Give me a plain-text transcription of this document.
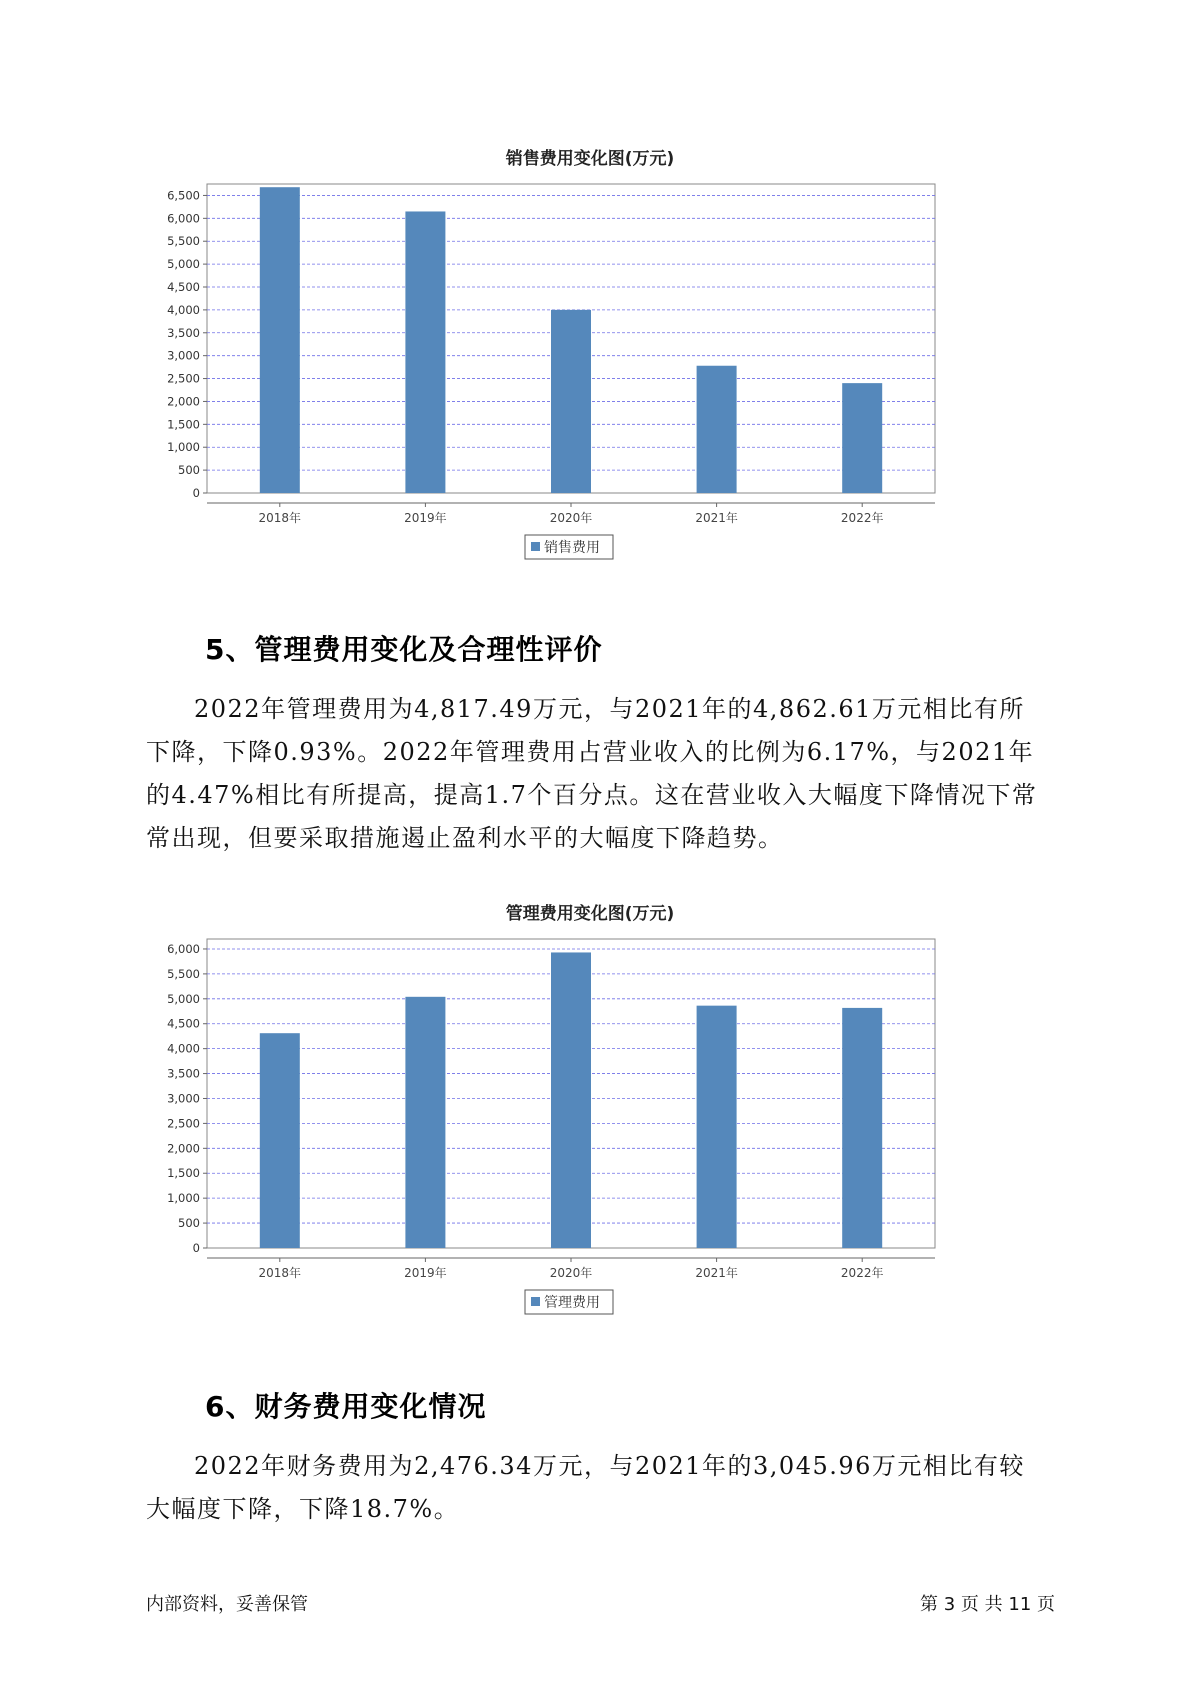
销售费用变化图(万元)
0
500
1,000
1,500
2,000
2,500
3,000
3,500
4,000
4,500
5,000
5,500
6,000
6,500
2018年	2019年	2020年	2021年	2022年
销售费用
5、管理费用变化及合理性评价

2022年管理费用为4,817.49万元，与2021年的4,862.61万元相比有所下降，下降0.93%。2022年管理费用占营业收入的比例为6.17%，与2021年的4.47%相比有所提高，提高1.7个百分点。这在营业收入大幅度下降情况下常常出现，但要采取措施遏止盈利水平的大幅度下降趋势。

管理费用变化图(万元)
0
500
1,000
1,500
2,000
2,500
3,000
3,500
4,000
4,500
5,000
5,500
6,000
2018年	2019年	2020年	2021年	2022年
管理费用
6、财务费用变化情况

2022年财务费用为2,476.34万元，与2021年的3,045.96万元相比有较大幅度下降，下降18.7%。

内部资料，妥善保管	第 3 页 共 11 页
